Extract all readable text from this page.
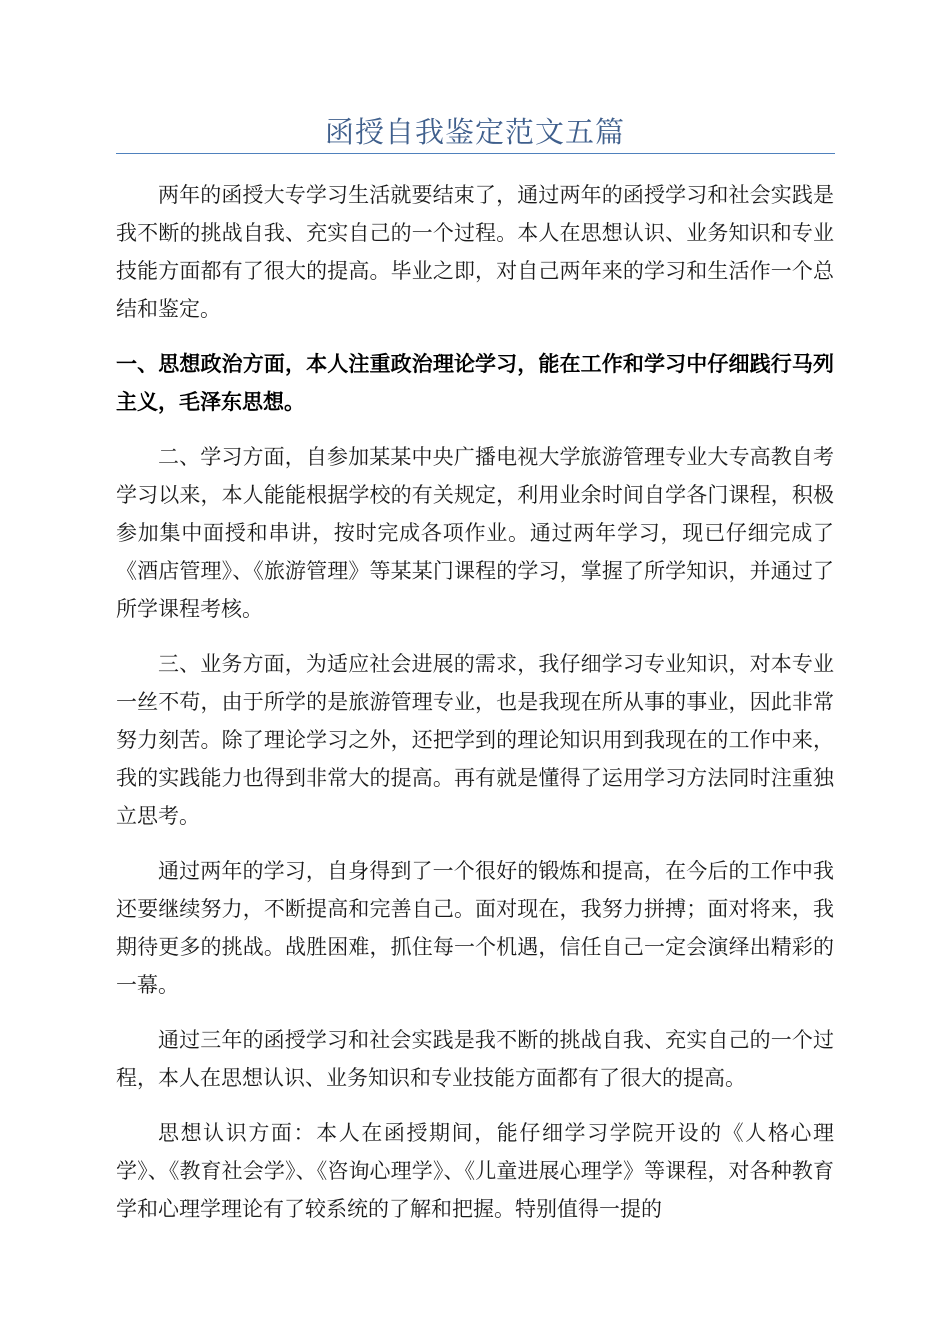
函授自我鉴定范文五篇

两年的函授大专学习生活就要结束了，通过两年的函授学习和社会实践是我不断的挑战自我、充实自己的一个过程。本人在思想认识、业务知识和专业技能方面都有了很大的提高。毕业之即，对自己两年来的学习和生活作一个总结和鉴定。

一、思想政治方面，本人注重政治理论学习，能在工作和学习中仔细践行马列主义，毛泽东思想。

二、学习方面，自参加某某中央广播电视大学旅游管理专业大专高教自考学习以来，本人能能根据学校的有关规定，利用业余时间自学各门课程，积极参加集中面授和串讲，按时完成各项作业。通过两年学习，现已仔细完成了《酒店管理》、《旅游管理》等某某门课程的学习，掌握了所学知识，并通过了所学课程考核。

三、业务方面，为适应社会进展的需求，我仔细学习专业知识，对本专业一丝不苟，由于所学的是旅游管理专业，也是我现在所从事的事业，因此非常努力刻苦。除了理论学习之外，还把学到的理论知识用到我现在的工作中来，我的实践能力也得到非常大的提高。再有就是懂得了运用学习方法同时注重独立思考。

通过两年的学习，自身得到了一个很好的锻炼和提高，在今后的工作中我还要继续努力，不断提高和完善自己。面对现在，我努力拼搏；面对将来，我期待更多的挑战。战胜困难，抓住每一个机遇，信任自己一定会演绎出精彩的一幕。

通过三年的函授学习和社会实践是我不断的挑战自我、充实自己的一个过程，本人在思想认识、业务知识和专业技能方面都有了很大的提高。

思想认识方面：本人在函授期间，能仔细学习学院开设的《人格心理学》、《教育社会学》、《咨询心理学》、《儿童进展心理学》等课程，对各种教育学和心理学理论有了较系统的了解和把握。特别值得一提的
